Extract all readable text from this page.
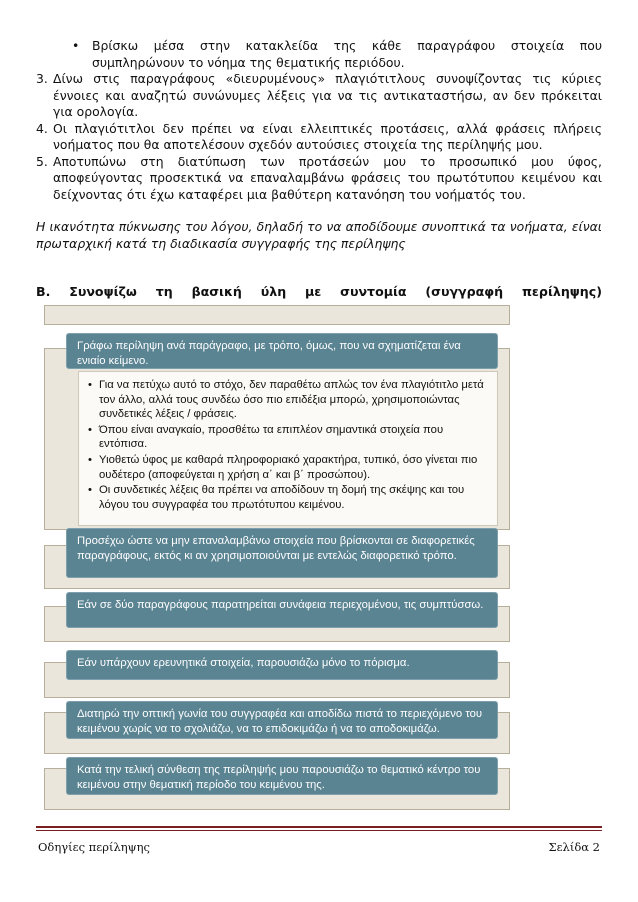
• Βρίσκω μέσα στην κατακλείδα της κάθε παραγράφου στοιχεία που συμπληρώνουν το νόημα της θεματικής περιόδου.
3. Δίνω στις παραγράφους «διευρυμένους» πλαγιότιτλους συνοψίζοντας τις κύριες έννοιες και αναζητώ συνώνυμες λέξεις για να τις αντικαταστήσω, αν δεν πρόκειται για ορολογία.
4. Οι πλαγιότιτλοι δεν πρέπει να είναι ελλειπτικές προτάσεις, αλλά φράσεις πλήρεις νοήματος που θα αποτελέσουν σχεδόν αυτούσιες στοιχεία της περίληψής μου.
5. Αποτυπώνω στη διατύπωση των προτάσεών μου το προσωπικό μου ύφος, αποφεύγοντας προσεκτικά να επαναλαμβάνω φράσεις του πρωτότυπου κειμένου και δείχνοντας ότι έχω καταφέρει μια βαθύτερη κατανόηση του νοήματός του.
Η ικανότητα πύκνωσης του λόγου, δηλαδή το να αποδίδουμε συνοπτικά τα νοήματα, είναι πρωταρχική κατά τη διαδικασία συγγραφής της περίληψης
Β. Συνοψίζω τη βασική ύλη με συντομία (συγγραφή περίληψης)
Γράφω περίληψη ανά παράγραφο, με τρόπο, όμως, που να σχηματίζεται ένα ενιαίο κείμενο.
• Για να πετύχω αυτό το στόχο, δεν παραθέτω απλώς τον ένα πλαγιότιτλο μετά τον άλλο, αλλά τους συνδέω όσο πιο επιδέξια μπορώ, χρησιμοποιώντας συνδετικές λέξεις / φράσεις.
• Όπου είναι αναγκαίο, προσθέτω τα επιπλέον σημαντικά στοιχεία που εντόπισα.
• Υιοθετώ ύφος με καθαρά πληροφοριακό χαρακτήρα, τυπικό, όσο γίνεται πιο ουδέτερο (αποφεύγεται η χρήση α΄ και β΄ προσώπου).
• Οι συνδετικές λέξεις θα πρέπει να αποδίδουν τη δομή της σκέψης και του λόγου του συγγραφέα του πρωτότυπου κειμένου.
Προσέχω ώστε να μην επαναλαμβάνω στοιχεία που βρίσκονται σε διαφορετικές παραγράφους, εκτός κι αν χρησιμοποιούνται με εντελώς διαφορετικό τρόπο.
Εάν σε δύο παραγράφους παρατηρείται συνάφεια περιεχομένου, τις συμπτύσσω.
Εάν υπάρχουν ερευνητικά στοιχεία, παρουσιάζω μόνο το πόρισμα.
Διατηρώ την οπτική γωνία του συγγραφέα και αποδίδω πιστά το περιεχόμενο του κειμένου χωρίς να το σχολιάζω, να το επιδοκιμάζω ή να το αποδοκιμάζω.
Κατά την τελική σύνθεση της περίληψής μου παρουσιάζω το θεματικό κέντρο του κειμένου στην θεματική περίοδο του κειμένου της.
Οδηγίες περίληψης	Σελίδα 2
